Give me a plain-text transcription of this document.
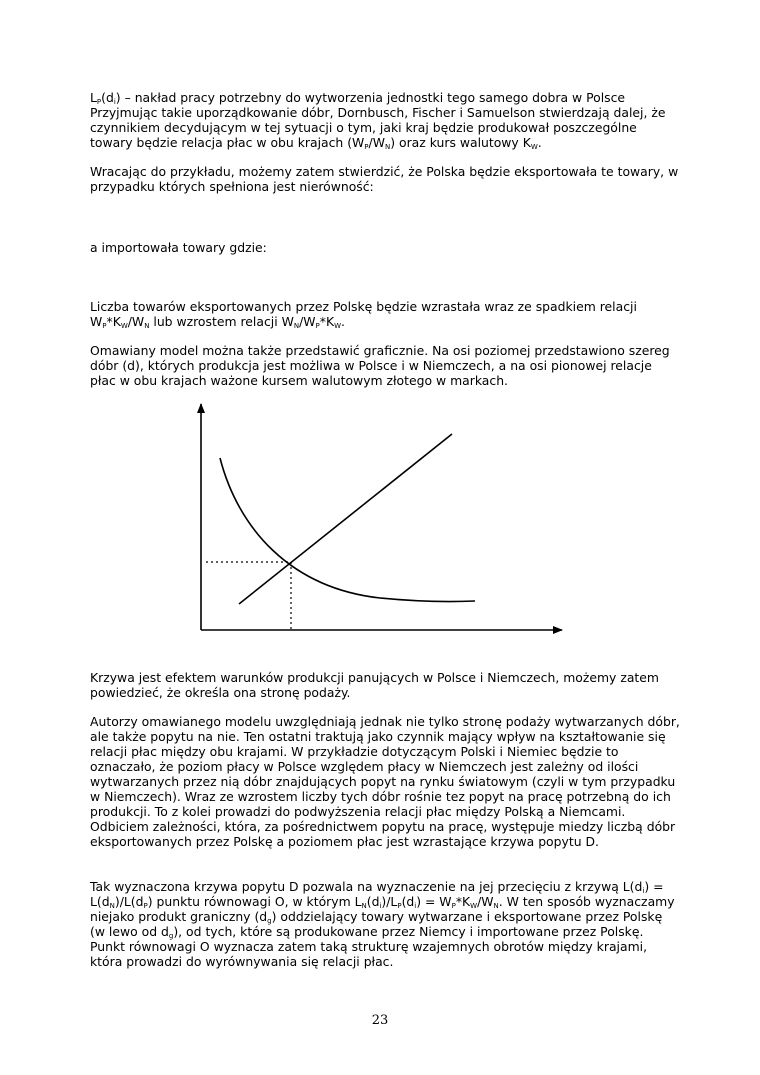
$L_P(d_i)$ – nakład pracy potrzebny do wytworzenia jednostki tego samego dobra w Polsce Przyjmując takie uporządkowanie dóbr, Dornbusch, Fischer i Samuelson stwierdzają dalej, że czynnikiem decydującym w tej sytuacji o tym, jaki kraj będzie produkował poszczególne towary będzie relacja płac w obu krajach $(W_P/W_N)$ oraz kurs walutowy $K_W$.

Wracając do przykładu, możemy zatem stwierdzić, że Polska będzie eksportowała te towary, w przypadku których spełniona jest nierówność:

a importowała towary gdzie:

Liczba towarów eksportowanych przez Polskę będzie wzrastała wraz ze spadkiem relacji $W_P*K_W/W_N$ lub wzrostem relacji $W_N/W_P*K_W$.

Omawiany model można także przedstawić graficznie. Na osi poziomej przedstawiono szereg dóbr (d), których produkcja jest możliwa w Polsce i w Niemczech, a na osi pionowej relacje płac w obu krajach ważone kursem walutowym złotego w markach.

Krzywa jest efektem warunków produkcji panujących w Polsce i Niemczech, możemy zatem powiedzieć, że określa ona stronę podaży.

Autorzy omawianego modelu uwzględniają jednak nie tylko stronę podaży wytwarzanych dóbr, ale także popytu na nie. Ten ostatni traktują jako czynnik mający wpływ na kształtowanie się relacji płac między obu krajami. W przykładzie dotyczącym Polski i Niemiec będzie to oznaczało, że poziom płacy w Polsce względem płacy w Niemczech jest zależny od ilości wytwarzanych przez nią dóbr znajdujących popyt na rynku światowym (czyli w tym przypadku w Niemczech). Wraz ze wzrostem liczby tych dóbr rośnie tez popyt na pracę potrzebną do ich produkcji. To z kolei prowadzi do podwyższenia relacji płac między Polską a Niemcami. Odbiciem zależności, która, za pośrednictwem popytu na pracę, występuje miedzy liczbą dóbr eksportowanych przez Polskę a poziomem płac jest wzrastające krzywa popytu D.

Tak wyznaczona krzywa popytu D pozwala na wyznaczenie na jej przecięciu z krzywą $L(d_i) = L(d_N)/L(d_P)$ punktu równowagi O, w którym $L_N(d_i)/L_P(d_i) = W_P*K_W/W_N$. W ten sposób wyznaczamy niejako produkt graniczny $(d_g)$ oddzielający towary wytwarzane i eksportowane przez Polskę (w lewo od $d_g$), od tych, które są produkowane przez Niemcy i importowane przez Polskę. Punkt równowagi O wyznacza zatem taką strukturę wzajemnych obrotów między krajami, która prowadzi do wyrównywania się relacji płac.

23
